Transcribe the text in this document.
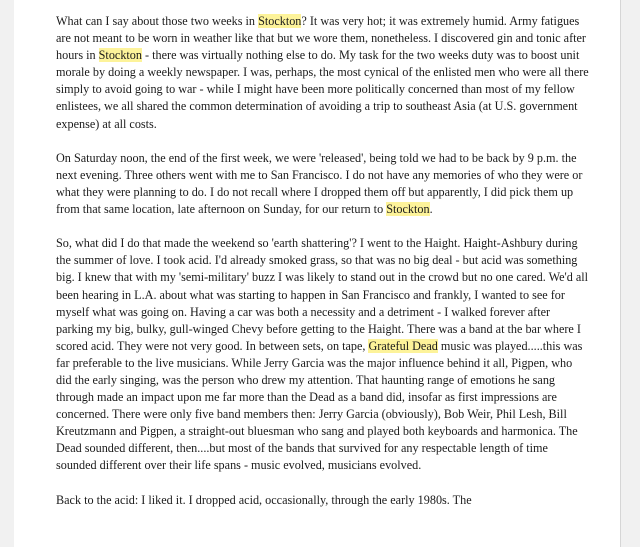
What can I say about those two weeks in Stockton? It was very hot; it was extremely humid. Army fatigues are not meant to be worn in weather like that but we wore them, nonetheless. I discovered gin and tonic after hours in Stockton - there was virtually nothing else to do. My task for the two weeks duty was to boost unit morale by doing a weekly newspaper. I was, perhaps, the most cynical of the enlisted men who were all there simply to avoid going to war - while I might have been more politically concerned than most of my fellow enlistees, we all shared the common determination of avoiding a trip to southeast Asia (at U.S. government expense) at all costs.

On Saturday noon, the end of the first week, we were 'released', being told we had to be back by 9 p.m. the next evening. Three others went with me to San Francisco. I do not have any memories of who they were or what they were planning to do. I do not recall where I dropped them off but apparently, I did pick them up from that same location, late afternoon on Sunday, for our return to Stockton.

So, what did I do that made the weekend so 'earth shattering'? I went to the Haight. Haight-Ashbury during the summer of love. I took acid. I'd already smoked grass, so that was no big deal - but acid was something big. I knew that with my 'semi-military' buzz I was likely to stand out in the crowd but no one cared. We'd all been hearing in L.A. about what was starting to happen in San Francisco and frankly, I wanted to see for myself what was going on. Having a car was both a necessity and a detriment - I walked forever after parking my big, bulky, gull-winged Chevy before getting to the Haight. There was a band at the bar where I scored acid. They were not very good. In between sets, on tape, Grateful Dead music was played.....this was far preferable to the live musicians. While Jerry Garcia was the major influence behind it all, Pigpen, who did the early singing, was the person who drew my attention. That haunting range of emotions he sang through made an impact upon me far more than the Dead as a band did, insofar as first impressions are concerned. There were only five band members then: Jerry Garcia (obviously), Bob Weir, Phil Lesh, Bill Kreutzmann and Pigpen, a straight-out bluesman who sang and played both keyboards and harmonica. The Dead sounded different, then....but most of the bands that survived for any respectable length of time sounded different over their life spans - music evolved, musicians evolved.

Back to the acid: I liked it. I dropped acid, occasionally, through the early 1980s. The
